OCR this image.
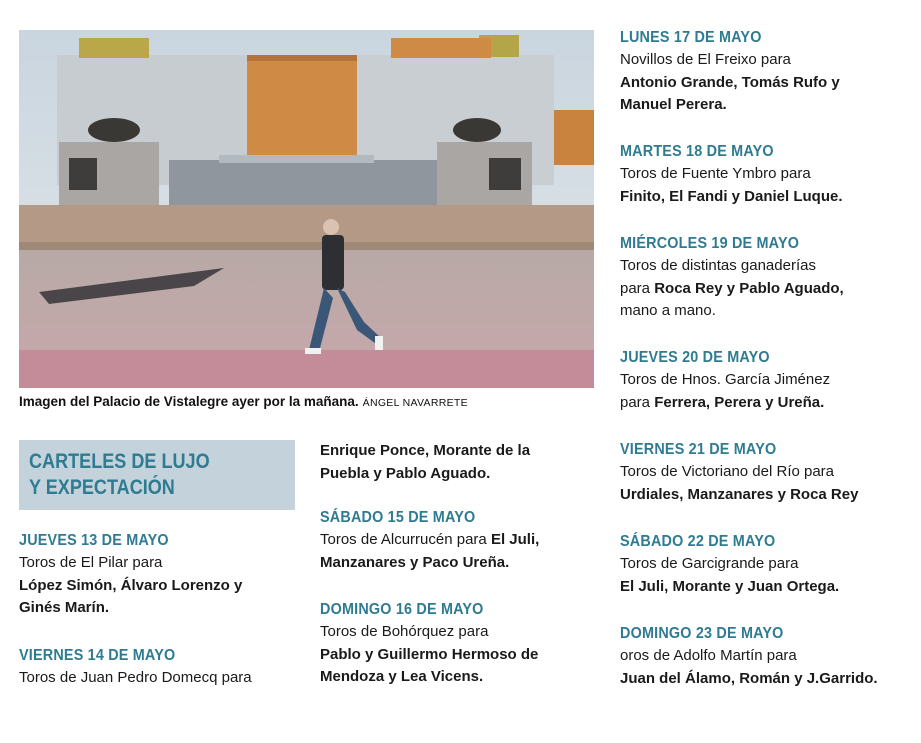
Imagen del Palacio de Vistalegre ayer por la mañana. ÁNGEL NAVARRETE
CARTELES DE LUJO
Y EXPECTACIÓN
JUEVES 13 DE MAYO
Toros de El Pilar para
López Simón, Álvaro Lorenzo y
Ginés Marín.
VIERNES 14 DE MAYO
Toros de Juan Pedro Domecq para
Enrique Ponce, Morante de la
Puebla y Pablo Aguado.
SÁBADO 15 DE MAYO
Toros de Alcurrucén para El Juli,
Manzanares y Paco Ureña.
DOMINGO 16 DE MAYO
Toros de Bohórquez para
Pablo y Guillermo Hermoso de
Mendoza y Lea Vicens.
LUNES 17 DE MAYO
Novillos de El Freixo para
Antonio Grande, Tomás Rufo y
Manuel Perera.
MARTES 18 DE MAYO
Toros de Fuente Ymbro para
Finito, El Fandi y Daniel Luque.
MIÉRCOLES 19 DE MAYO
Toros de distintas ganaderías
para Roca Rey y Pablo Aguado,
mano a mano.
JUEVES 20 DE MAYO
Toros de Hnos. García Jiménez
para Ferrera, Perera y Ureña.
VIERNES 21 DE MAYO
Toros de Victoriano del Río para
Urdiales, Manzanares y Roca Rey
SÁBADO 22 DE MAYO
Toros de Garcigrande para
El Juli, Morante y Juan Ortega.
DOMINGO 23 DE MAYO
oros de Adolfo Martín para
Juan del Álamo, Román y J.Garrido.
